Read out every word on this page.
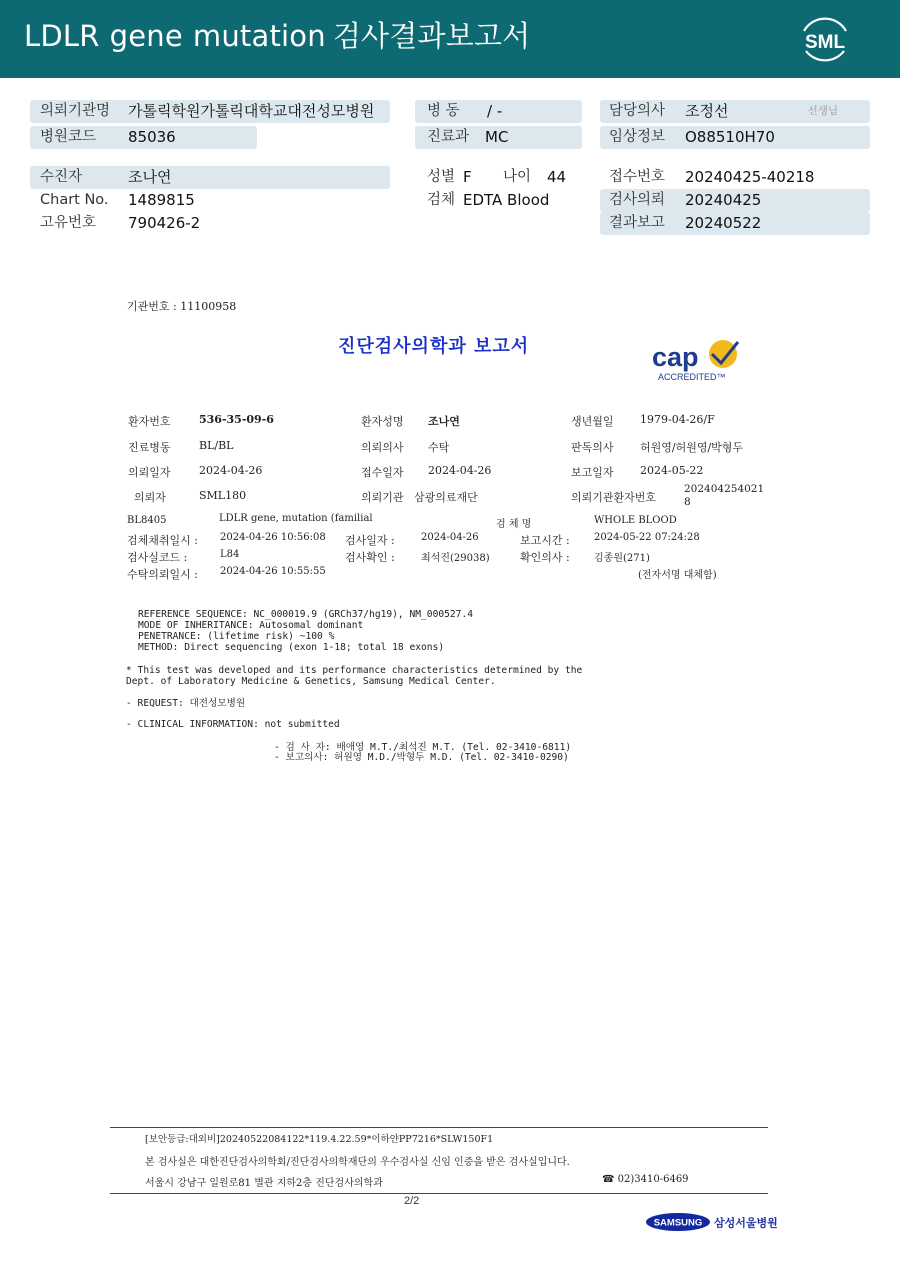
LDLR gene mutation 검사결과보고서	SML
의뢰기관명 가톨릭학원가톨릭대학교대전성모병원
병원코드 85036
수진자	조나연
Chart No. 1489815
고유번호 790426-2
병 동 / -
진료과 MC
성별 F 나이 44
검체 EDTA Blood
담당의사 조정선	선생님
임상정보 O88510H70
접수번호 20240425-40218
검사의뢰 20240425
결과보고 20240522
기관번호 : 11100958
진단검사의학과 보고서	cap
ACCREDITED™
환자번호	536-35-09-6	환자성명 조나연	생년월일 1979-04-26/F
진료병동	BL/BL	의뢰의사 수탁	판독의사 허원영/허원영/박형두
의뢰일자	2024-04-26	접수일자 2024-04-26	보고일자 2024-05-22
의뢰자	SML180	의뢰기관 삼광의료재단	의뢰기관환자번호
202404254021
8
BL8405	LDLR gene, mutation (familial
검 체 명	WHOLE BLOOD
검체채취일시 : 2024-04-26 10:56:08 검사일자 :	2024-04-26	보고시간 : 2024-05-22 07:24:28
검사실코드 :	L84	검사확인 :	최석진(29038)	확인의사 : 김종원(271)
수탁의뢰일시 : 2024-04-26 10:55:55	(전자서명 대체함)
REFERENCE SEQUENCE: NC_000019.9 (GRCh37/hg19), NM_000527.4
MODE OF INHERITANCE: Autosomal dominant
PENETRANCE: (lifetime risk) ~100 %
METHOD: Direct sequencing (exon 1-18; total 18 exons)
* This test was developed and its performance characteristics determined by the
Dept. of Laboratory Medicine & Genetics, Samsung Medical Center.
- REQUEST: 대전성모병원
- CLINICAL INFORMATION: not submitted
- 검 사 자: 배애영 M.T./최석진 M.T. (Tel. 02-3410-6811)
- 보고의사: 허원영 M.D./박형두 M.D. (Tel. 02-3410-0290)
[보안등급:대외비]20240522084122*119.4.22.59*이하얀PP7216*SLW150F1
본 검사실은 대한진단검사의학회/진단검사의학재단의 우수검사실 신임 인증을 받은 검사실입니다.
서울시 강남구 일원로81 별관 지하2층 진단검사의학과	☎ 02)3410-6469
2/2
SAMSUNG 삼성서울병원
